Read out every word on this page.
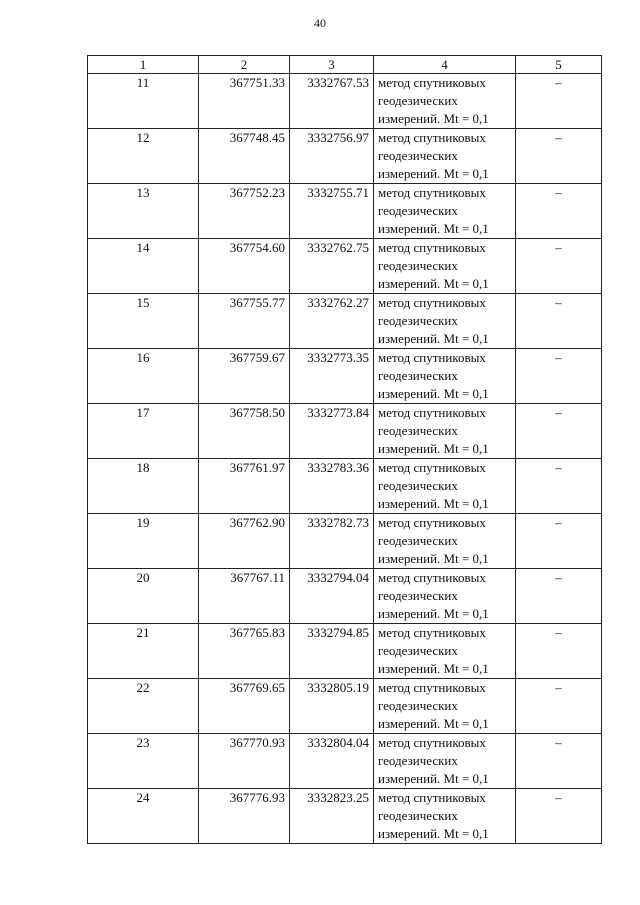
40
1	2	3	4	5
11	367751.33	3332767.53	метод спутниковых
геодезических
измерений. Mt = 0,1	–
12	367748.45	3332756.97	метод спутниковых
геодезических
измерений. Mt = 0,1	–
13	367752.23	3332755.71	метод спутниковых
геодезических
измерений. Mt = 0,1	–
14	367754.60	3332762.75	метод спутниковых
геодезических
измерений. Mt = 0,1	–
15	367755.77	3332762.27	метод спутниковых
геодезических
измерений. Mt = 0,1	–
16	367759.67	3332773.35	метод спутниковых
геодезических
измерений. Mt = 0,1	–
17	367758.50	3332773.84	метод спутниковых
геодезических
измерений. Mt = 0,1	–
18	367761.97	3332783.36	метод спутниковых
геодезических
измерений. Mt = 0,1	–
19	367762.90	3332782.73	метод спутниковых
геодезических
измерений. Mt = 0,1	–
20	367767.11	3332794.04	метод спутниковых
геодезических
измерений. Mt = 0,1	–
21	367765.83	3332794.85	метод спутниковых
геодезических
измерений. Mt = 0,1	–
22	367769.65	3332805.19	метод спутниковых
геодезических
измерений. Mt = 0,1	–
23	367770.93	3332804.04	метод спутниковых
геодезических
измерений. Mt = 0,1	–
24	367776.93	3332823.25	метод спутниковых
геодезических
измерений. Mt = 0,1	–
